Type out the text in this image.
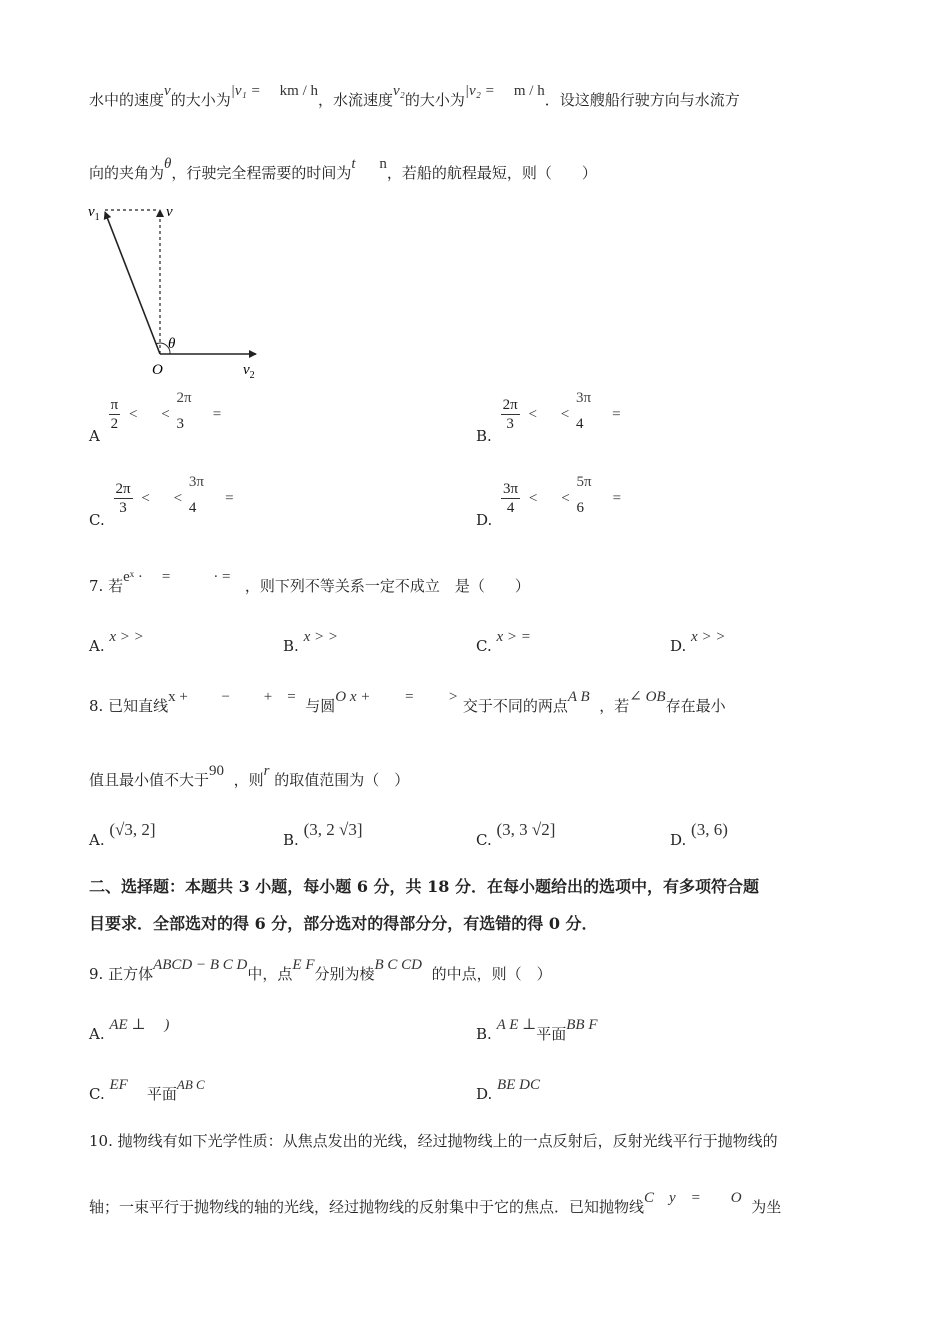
水中的速度v的大小为|v₁ = km / h，水流速度v₂的大小为|v₂ = m / h．设这艘船行驶方向与水流方
向的夹角为θ，行驶完全程需要的时间为t n，若船的航程最短，则（　　）
$v_1$	v
θ
O	$v_2$
A
$\frac{\pi}{2}$ < <
2π
3
=
B.
$\frac{2\pi}{3}$ < <
3π
4
=
C.
$\frac{2\pi}{3}$ < <
3π
4
=
D.
$\frac{3\pi}{4}$ < <
5π
6
=
7. 若eˣ · =	· = ，则下列不等关系一定不成立　是（　　）
A. x > >	B. x > >	C. x > =	D. x > >
8. 已知直线x +　　 −　　 +　= 与圆O x +　　 =　　 > 交于不同的两点A B ，若∠ OB存在最小
值且最小值不大于90 ，则r 的取值范围为（　）
A. (√3, 2]
B. (3, 2 √3]
C. (3, 3 √2]
D. (3, 6)
二、选择题：本题共 3 小题，每小题 6 分，共 18 分．在每小题给出的选项中，有多项符合题
目要求．全部选对的得 6 分，部分选对的得部分分，有选错的得 0 分．
9. 正方体ABCD − B C D中，点E F分别为棱B C CD 的中点，则（　）
A. AE ⊥　 )	B. A E ⊥平面BB F
C. EF 平面AB C
D. BE DC
10. 抛物线有如下光学性质：从焦点发出的光线，经过抛物线上的一点反射后，反射光线平行于抛物线的
轴；一束平行于抛物线的轴的光线，经过抛物线的反射集中于它的焦点．已知抛物线C　y　=　　O 为坐
